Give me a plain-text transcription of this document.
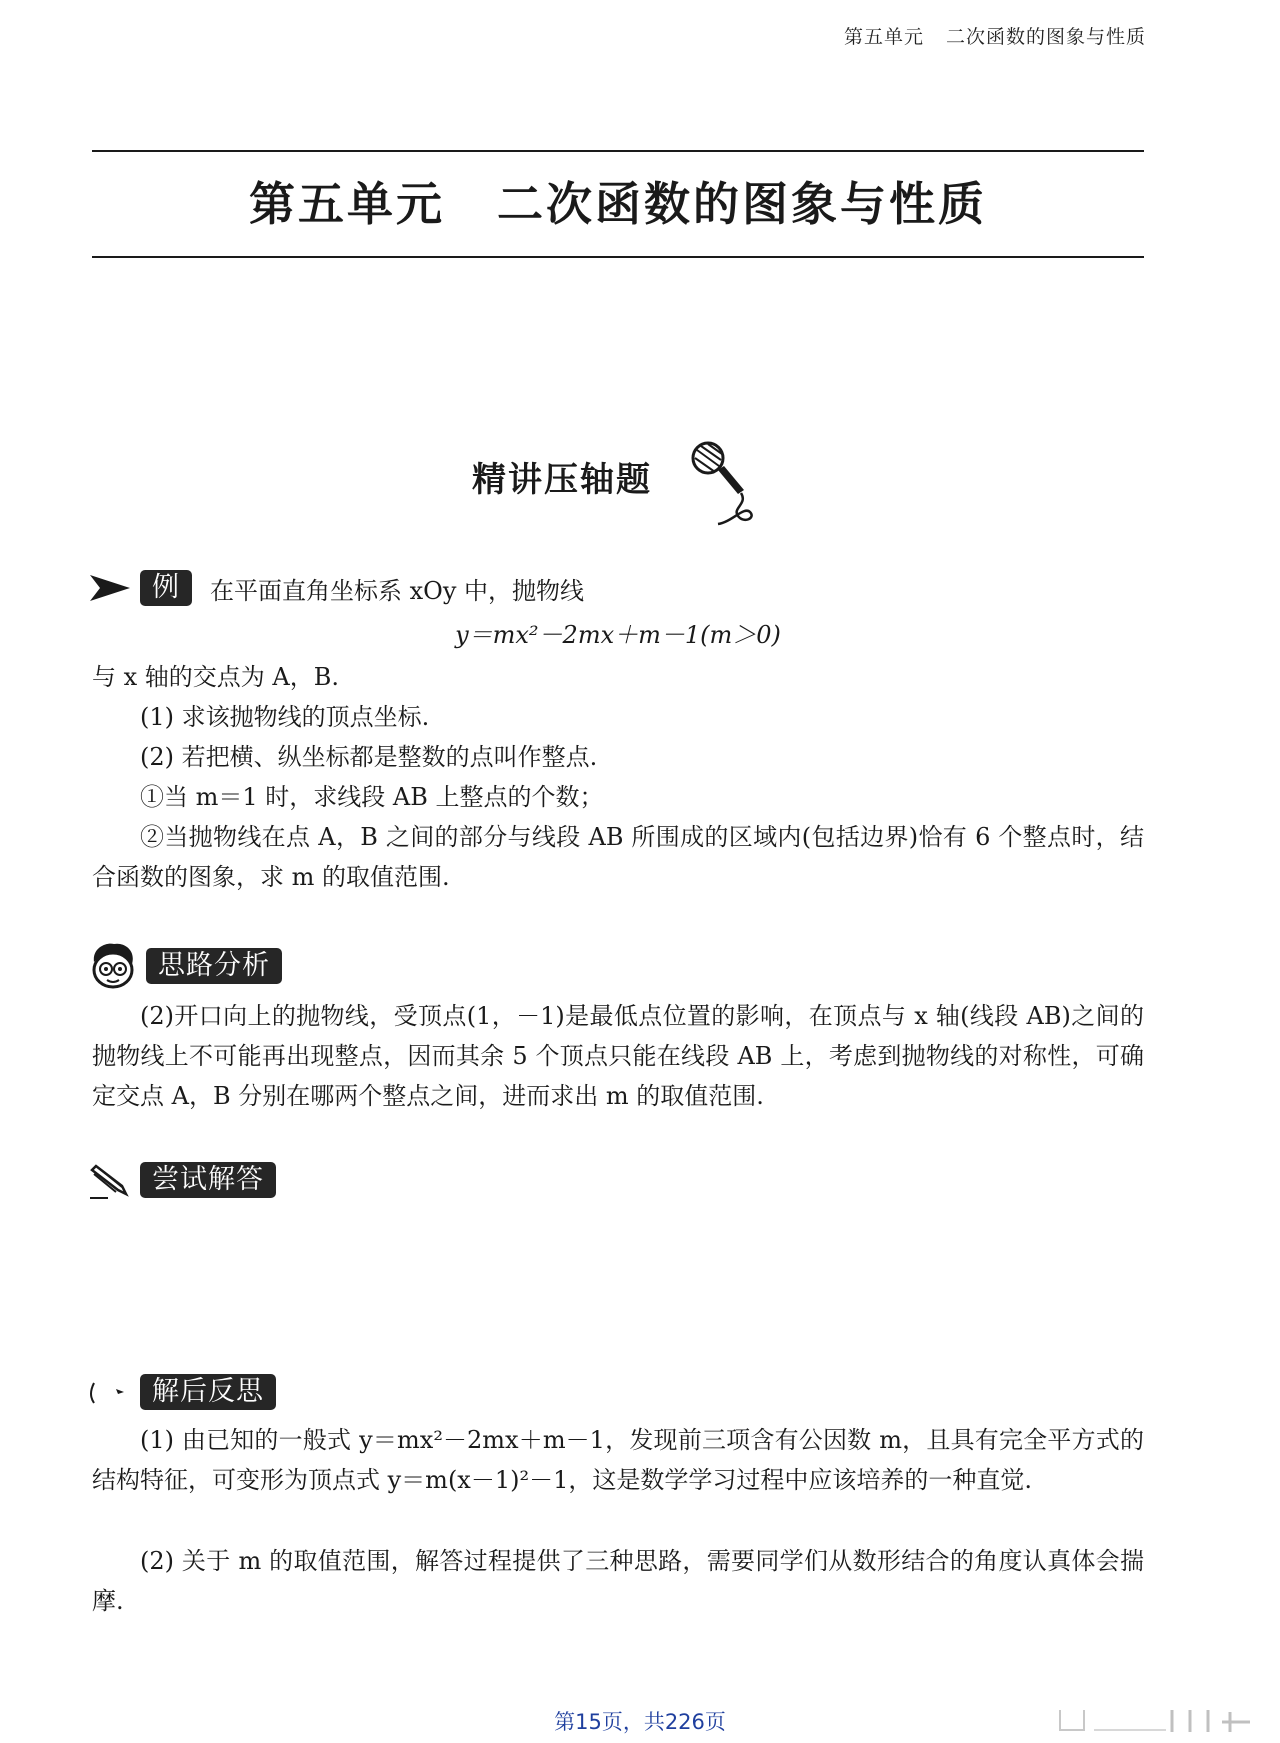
第五单元 二次函数的图象与性质
第五单元 二次函数的图象与性质
精讲压轴题
例	在平面直角坐标系 xOy 中，抛物线
y＝mx²－2mx＋m－1(m＞0)
与 x 轴的交点为 A，B.
(1) 求该抛物线的顶点坐标.
(2) 若把横、纵坐标都是整数的点叫作整点.
①当 m＝1 时，求线段 AB 上整点的个数；
②当抛物线在点 A，B 之间的部分与线段 AB 所围成的区域内(包括边界)恰有 6 个整点时，结合函数的图象，求 m 的取值范围.
思路分析
(2)开口向上的抛物线，受顶点(1，－1)是最低点位置的影响，在顶点与 x 轴(线段 AB)之间的抛物线上不可能再出现整点，因而其余 5 个顶点只能在线段 AB 上，考虑到抛物线的对称性，可确定交点 A，B 分别在哪两个整点之间，进而求出 m 的取值范围.
尝试解答
解后反思
(1) 由已知的一般式 y＝mx²－2mx＋m－1，发现前三项含有公因数 m，且具有完全平方式的结构特征，可变形为顶点式 y＝m(x－1)²－1，这是数学学习过程中应该培养的一种直觉.
(2) 关于 m 的取值范围，解答过程提供了三种思路，需要同学们从数形结合的角度认真体会揣摩.
第15页，共226页
